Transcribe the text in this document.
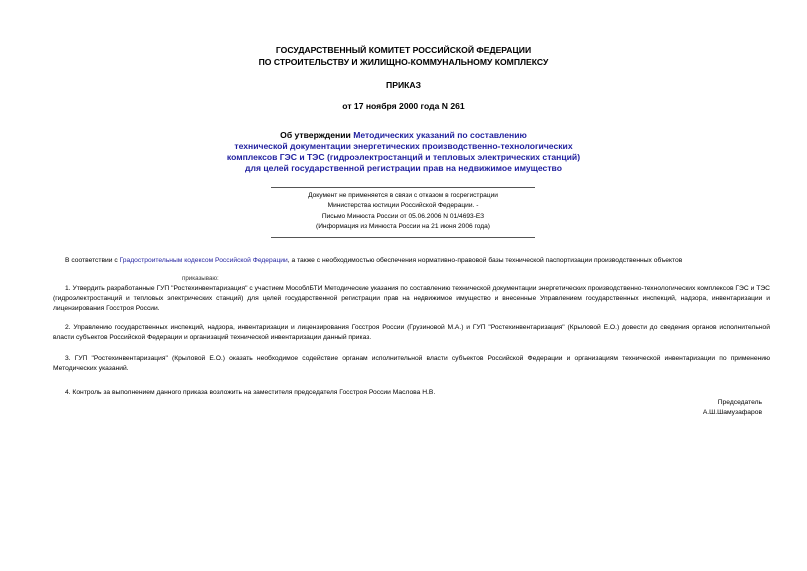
ГОСУДАРСТВЕННЫЙ КОМИТЕТ РОССИЙСКОЙ ФЕДЕРАЦИИ
ПО СТРОИТЕЛЬСТВУ И ЖИЛИЩНО-КОММУНАЛЬНОМУ КОМПЛЕКСУ
ПРИКАЗ
от 17 ноября 2000 года N 261
Об утверждении Методических указаний по составлению
технической документации энергетических производственно-технологических
комплексов ГЭС и ТЭС (гидроэлектростанций и тепловых электрических станций)
для целей государственной регистрации прав на недвижимое имущество
Документ не применяется в связи с отказом в госрегистрации
Министерства юстиции Российской Федерации. -
Письмо Минюста России от 05.06.2006 N 01/4693-ЕЗ
(Информация из Минюста России на 21 июня 2006 года)
В соответствии с Градостроительным кодексом Российской Федерации, а также с необходимостью обеспечения нормативно-правовой базы технической паспортизации производственных объектов
приказываю:
1. Утвердить разработанные ГУП "Ростехинвентаризация" с участием МособлБТИ Методические указания по составлению технической документации энергетических производственно-технологических комплексов ГЭС и ТЭС (гидроэлектростанций и тепловых электрических станций) для целей государственной регистрации прав на недвижимое имущество и внесенные Управлением государственных инспекций, надзора, инвентаризации и лицензирования Госстроя России.
2. Управлению государственных инспекций, надзора, инвентаризации и лицензирования Госстроя России (Грузиновой М.А.) и ГУП "Ростехинвентаризация" (Крыловой Е.О.) довести до сведения органов исполнительной власти субъектов Российской Федерации и организаций технической инвентаризации данный приказ.
3. ГУП "Ростехинвентаризация" (Крыловой Е.О.) оказать необходимое содействие органам исполнительной власти субъектов Российской Федерации и организациям технической инвентаризации по применению Методических указаний.
4. Контроль за выполнением данного приказа возложить на заместителя председателя Госстроя России Маслова Н.В.
Председатель
А.Ш.Шамузафаров
